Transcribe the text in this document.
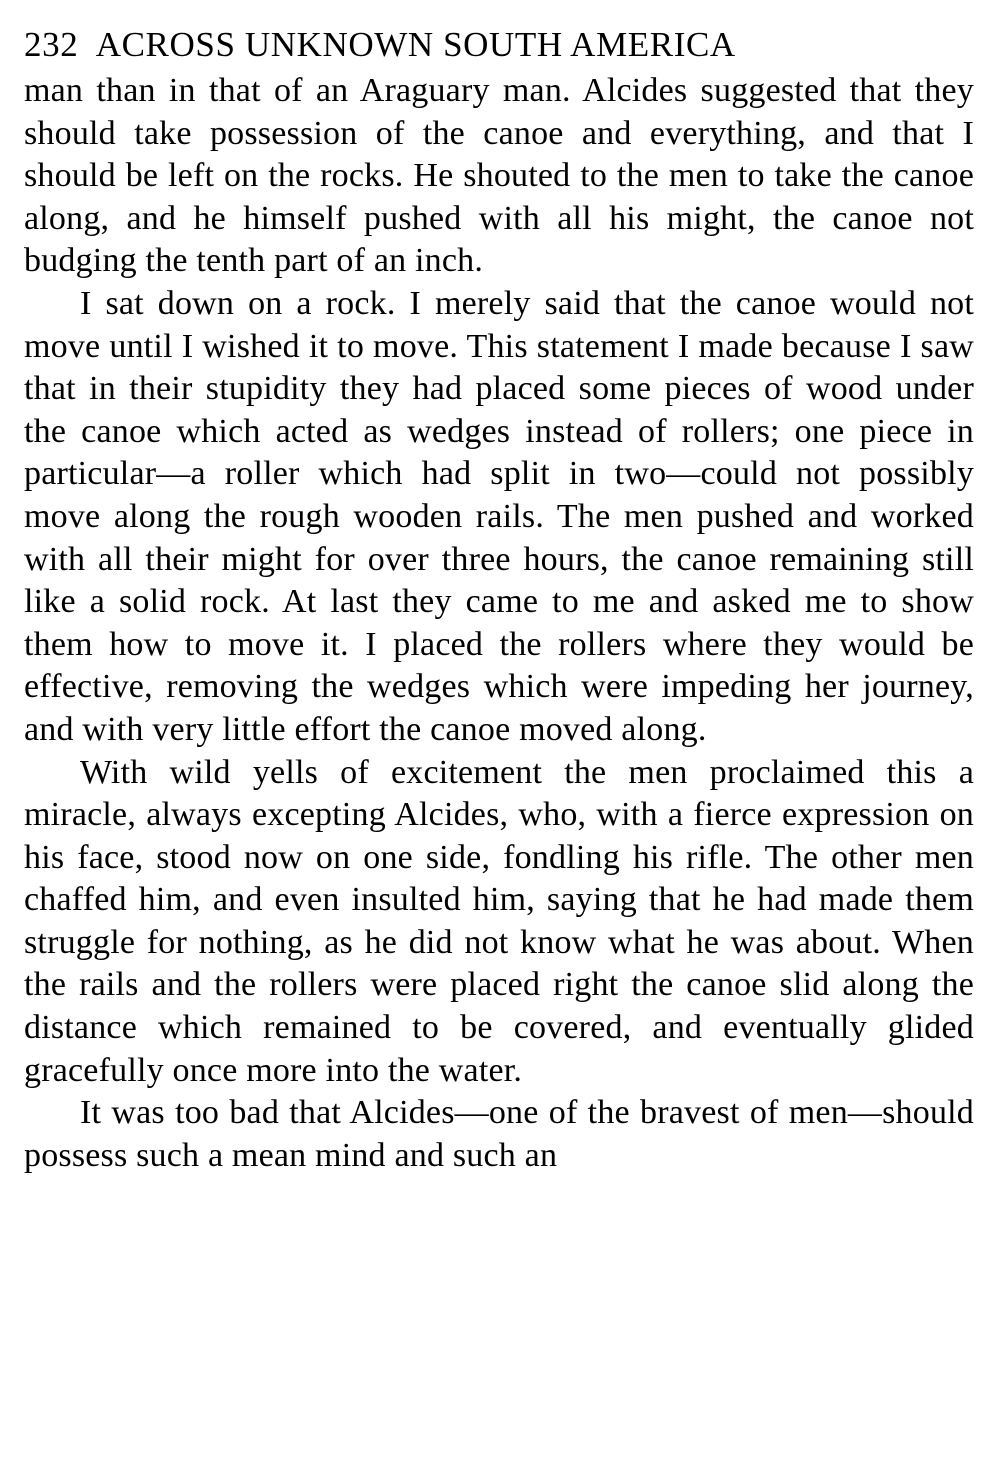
232 ACROSS UNKNOWN SOUTH AMERICA

man than in that of an Araguary man. Alcides suggested that they should take possession of the canoe and everything, and that I should be left on the rocks. He shouted to the men to take the canoe along, and he himself pushed with all his might, the canoe not budging the tenth part of an inch.

I sat down on a rock. I merely said that the canoe would not move until I wished it to move. This statement I made because I saw that in their stupidity they had placed some pieces of wood under the canoe which acted as wedges instead of rollers; one piece in particular—a roller which had split in two—could not possibly move along the rough wooden rails. The men pushed and worked with all their might for over three hours, the canoe remaining still like a solid rock. At last they came to me and asked me to show them how to move it. I placed the rollers where they would be effective, removing the wedges which were impeding her journey, and with very little effort the canoe moved along.

With wild yells of excitement the men proclaimed this a miracle, always excepting Alcides, who, with a fierce expression on his face, stood now on one side, fondling his rifle. The other men chaffed him, and even insulted him, saying that he had made them struggle for nothing, as he did not know what he was about. When the rails and the rollers were placed right the canoe slid along the distance which remained to be covered, and eventually glided gracefully once more into the water.

It was too bad that Alcides—one of the bravest of men—should possess such a mean mind and such an
